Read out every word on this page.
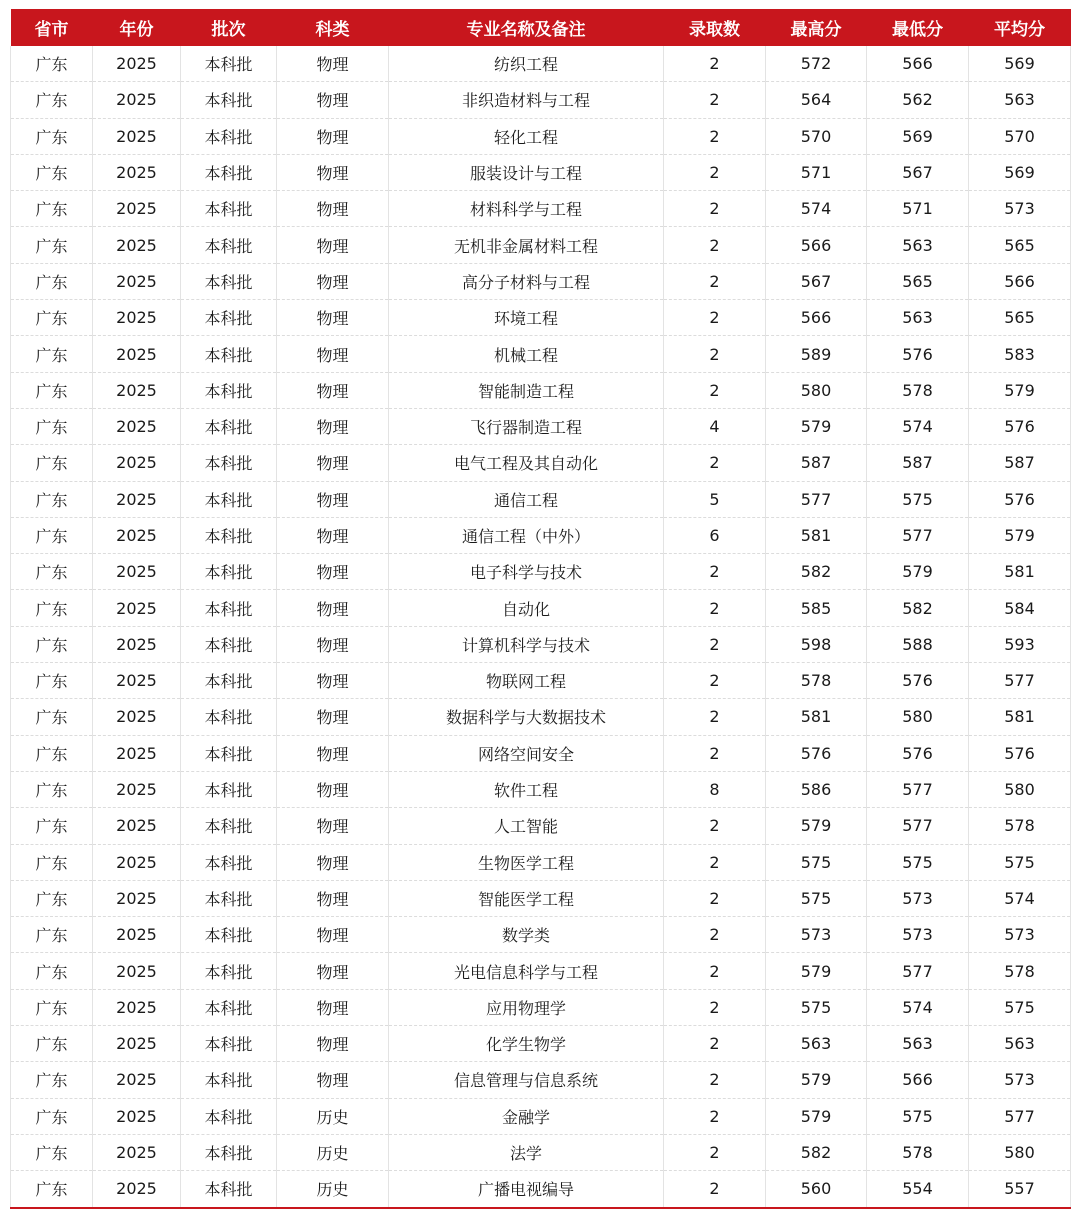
省市	年份	批次	科类	专业名称及备注	录取数	最高分	最低分	平均分
广东	2025	本科批	物理	纺织工程	2	572	566	569
广东	2025	本科批	物理	非织造材料与工程	2	564	562	563
广东	2025	本科批	物理	轻化工程	2	570	569	570
广东	2025	本科批	物理	服装设计与工程	2	571	567	569
广东	2025	本科批	物理	材料科学与工程	2	574	571	573
广东	2025	本科批	物理	无机非金属材料工程	2	566	563	565
广东	2025	本科批	物理	高分子材料与工程	2	567	565	566
广东	2025	本科批	物理	环境工程	2	566	563	565
广东	2025	本科批	物理	机械工程	2	589	576	583
广东	2025	本科批	物理	智能制造工程	2	580	578	579
广东	2025	本科批	物理	飞行器制造工程	4	579	574	576
广东	2025	本科批	物理	电气工程及其自动化	2	587	587	587
广东	2025	本科批	物理	通信工程	5	577	575	576
广东	2025	本科批	物理	通信工程（中外）	6	581	577	579
广东	2025	本科批	物理	电子科学与技术	2	582	579	581
广东	2025	本科批	物理	自动化	2	585	582	584
广东	2025	本科批	物理	计算机科学与技术	2	598	588	593
广东	2025	本科批	物理	物联网工程	2	578	576	577
广东	2025	本科批	物理	数据科学与大数据技术	2	581	580	581
广东	2025	本科批	物理	网络空间安全	2	576	576	576
广东	2025	本科批	物理	软件工程	8	586	577	580
广东	2025	本科批	物理	人工智能	2	579	577	578
广东	2025	本科批	物理	生物医学工程	2	575	575	575
广东	2025	本科批	物理	智能医学工程	2	575	573	574
广东	2025	本科批	物理	数学类	2	573	573	573
广东	2025	本科批	物理	光电信息科学与工程	2	579	577	578
广东	2025	本科批	物理	应用物理学	2	575	574	575
广东	2025	本科批	物理	化学生物学	2	563	563	563
广东	2025	本科批	物理	信息管理与信息系统	2	579	566	573
广东	2025	本科批	历史	金融学	2	579	575	577
广东	2025	本科批	历史	法学	2	582	578	580
广东	2025	本科批	历史	广播电视编导	2	560	554	557
